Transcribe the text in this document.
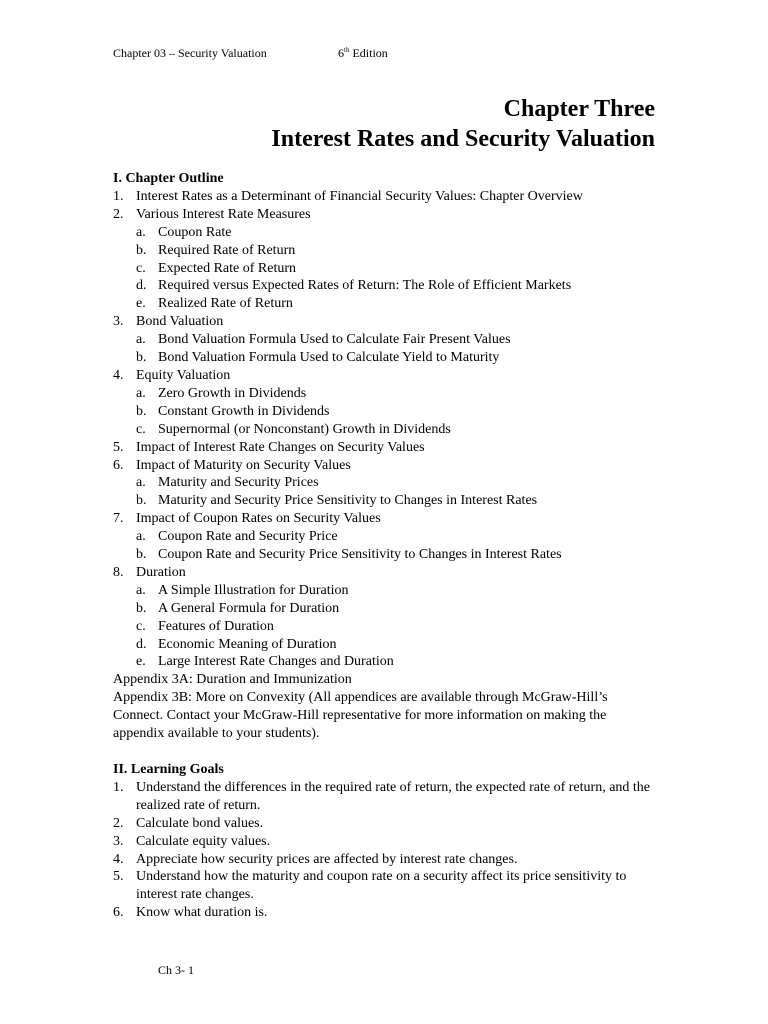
Chapter 03 – Security Valuation	6th Edition
Chapter Three
Interest Rates and Security Valuation
I. Chapter Outline
1. Interest Rates as a Determinant of Financial Security Values: Chapter Overview
2. Various Interest Rate Measures
a. Coupon Rate
b. Required Rate of Return
c. Expected Rate of Return
d. Required versus Expected Rates of Return: The Role of Efficient Markets
e. Realized Rate of Return
3. Bond Valuation
a. Bond Valuation Formula Used to Calculate Fair Present Values
b. Bond Valuation Formula Used to Calculate Yield to Maturity
4. Equity Valuation
a. Zero Growth in Dividends
b. Constant Growth in Dividends
c. Supernormal (or Nonconstant) Growth in Dividends
5. Impact of Interest Rate Changes on Security Values
6. Impact of Maturity on Security Values
a. Maturity and Security Prices
b. Maturity and Security Price Sensitivity to Changes in Interest Rates
7. Impact of Coupon Rates on Security Values
a. Coupon Rate and Security Price
b. Coupon Rate and Security Price Sensitivity to Changes in Interest Rates
8. Duration
a. A Simple Illustration for Duration
b. A General Formula for Duration
c. Features of Duration
d. Economic Meaning of Duration
e. Large Interest Rate Changes and Duration
Appendix 3A: Duration and Immunization
Appendix 3B: More on Convexity (All appendices are available through McGraw-Hill’s Connect. Contact your McGraw-Hill representative for more information on making the appendix available to your students).
II. Learning Goals
1. Understand the differences in the required rate of return, the expected rate of return, and the realized rate of return.
2. Calculate bond values.
3. Calculate equity values.
4. Appreciate how security prices are affected by interest rate changes.
5. Understand how the maturity and coupon rate on a security affect its price sensitivity to interest rate changes.
6. Know what duration is.
Ch 3- 1
